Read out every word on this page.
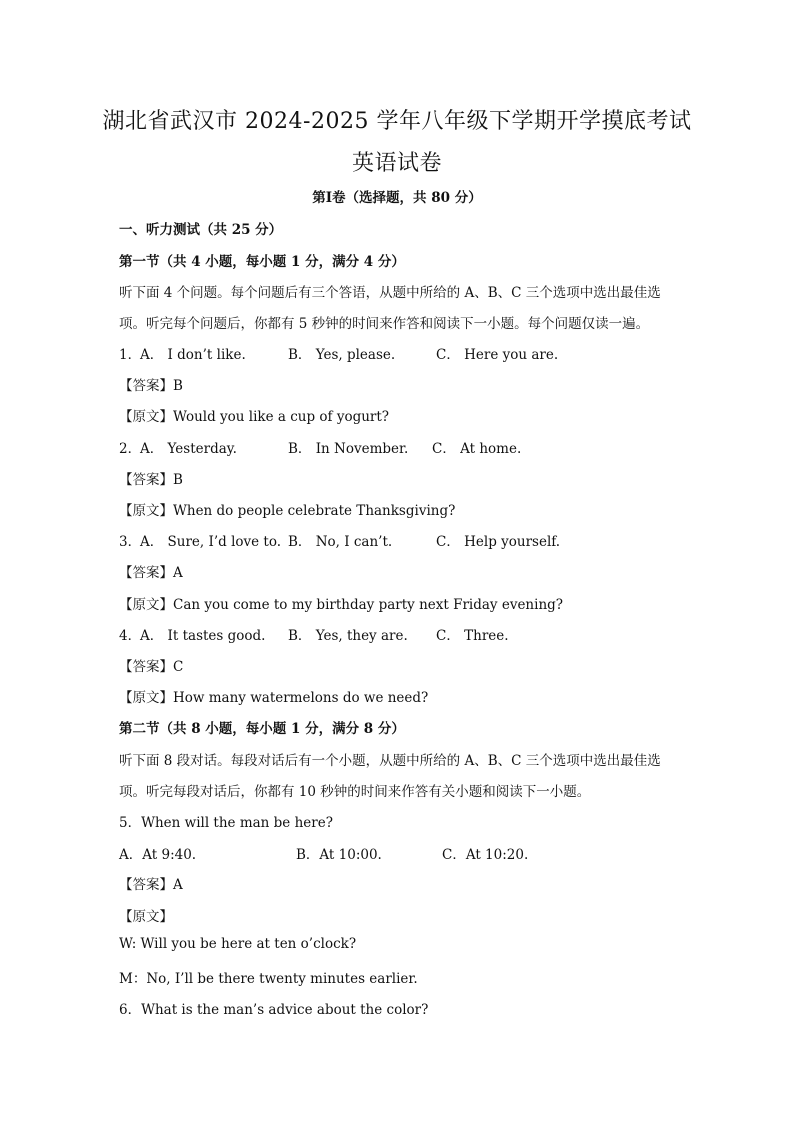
湖北省武汉市 2024-2025 学年八年级下学期开学摸底考试
英语试卷
第Ⅰ卷（选择题，共 80 分）
一、听力测试（共 25 分）
第一节（共 4 小题，每小题 1 分，满分 4 分）
听下面 4 个问题。每个问题后有三个答语，从题中所给的 A、B、C 三个选项中选出最佳选
项。听完每个问题后，你都有 5 秒钟的时间来作答和阅读下一小题。每个问题仅读一遍。
1．
A． I don’t like.	B． Yes, please.	C． Here you are.
【答案】B
【原文】Would you like a cup of yogurt?
2．
A． Yesterday.	B． In November. C． At home.
【答案】B
【原文】When do people celebrate Thanksgiving?
3．
A． Sure, I’d love to. B． No, I can’t.	C． Help yourself.
【答案】A
【原文】Can you come to my birthday party next Friday evening?
4．
A． It tastes good. B． Yes, they are. C． Three.
【答案】C
【原文】How many watermelons do we need?
第二节（共 8 小题，每小题 1 分，满分 8 分）
听下面 8 段对话。每段对话后有一个小题，从题中所给的 A、B、C 三个选项中选出最佳选
项。听完每段对话后，你都有 10 秒钟的时间来作答有关小题和阅读下一小题。
5．When will the man be here?
A．At 9:40.	B．At 10:00.	C．At 10:20.
【答案】A
【原文】
W: Will you be here at ten o’clock?
M：No, I’ll be there twenty minutes earlier.
6．What is the man’s advice about the color?
